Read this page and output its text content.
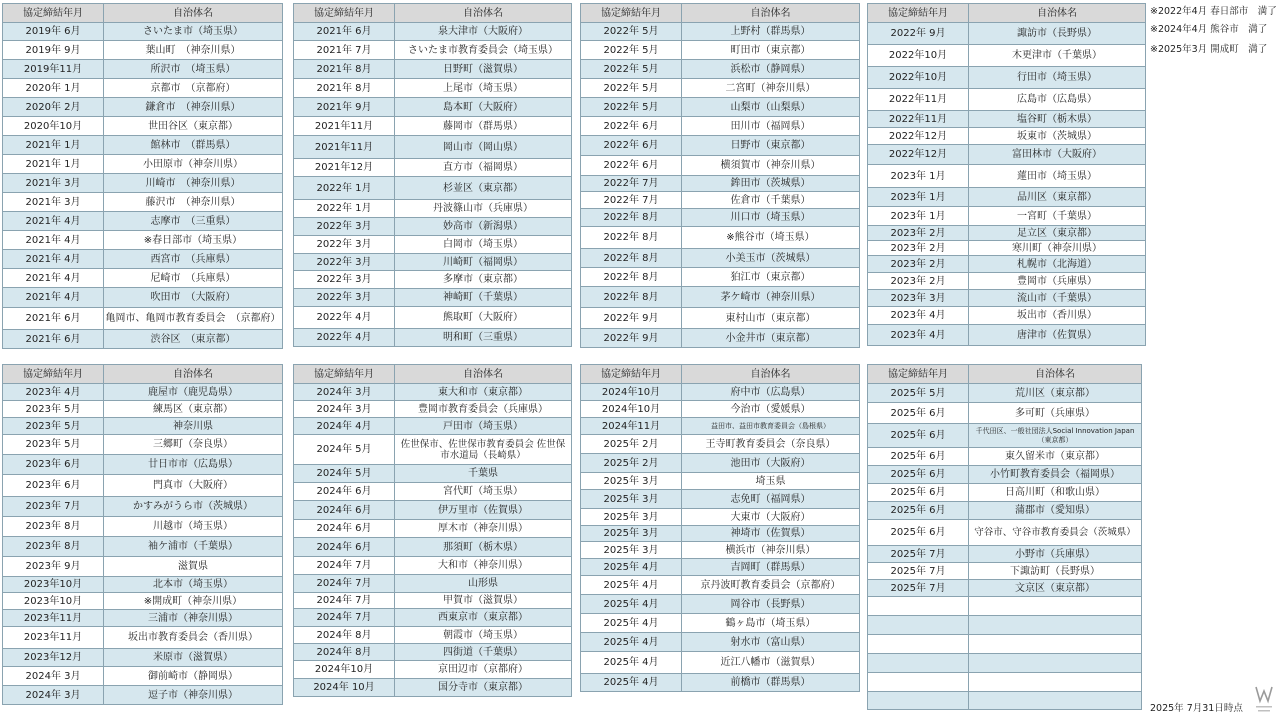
協定締結年月	自治体名
2019年 6月	さいたま市（埼玉県）
2019年 9月	葉山町　（神奈川県）
2019年11月	所沢市　（埼玉県）
2020年 1月	京都市　（京都府）
2020年 2月	鎌倉市　（神奈川県）
2020年10月	世田谷区（東京都）
2021年 1月	館林市　（群馬県）
2021年 1月	小田原市（神奈川県）
2021年 3月	川崎市　（神奈川県）
2021年 3月	藤沢市　（神奈川県）
2021年 4月	志摩市　（三重県）
2021年 4月	※春日部市（埼玉県）
2021年 4月	西宮市　（兵庫県）
2021年 4月	尼崎市　（兵庫県）
2021年 4月	吹田市　（大阪府）
2021年 6月	亀岡市、亀岡市教育委員会　（京都府）
2021年 6月	渋谷区　（東京都）
協定締結年月	自治体名
2021年 6月	泉大津市（大阪府）
2021年 7月	さいたま市教育委員会（埼玉県）
2021年 8月	日野町（滋賀県）
2021年 8月	上尾市（埼玉県）
2021年 9月	島本町（大阪府）
2021年11月	藤岡市（群馬県）
2021年11月	岡山市（岡山県）
2021年12月	直方市（福岡県）
2022年 1月	杉並区（東京都）
2022年 1月	丹波篠山市（兵庫県）
2022年 3月	妙高市（新潟県）
2022年 3月	白岡市（埼玉県）
2022年 3月	川崎町（福岡県）
2022年 3月	多摩市（東京都）
2022年 3月	神崎町（千葉県）
2022年 4月	熊取町（大阪府）
2022年 4月	明和町（三重県）
協定締結年月	自治体名
2022年 5月	上野村（群馬県）
2022年 5月	町田市（東京都）
2022年 5月	浜松市（静岡県）
2022年 5月	二宮町（神奈川県）
2022年 5月	山梨市（山梨県）
2022年 6月	田川市（福岡県）
2022年 6月	日野市（東京都）
2022年 6月	横須賀市（神奈川県）
2022年 7月	鉾田市（茨城県）
2022年 7月	佐倉市（千葉県）
2022年 8月	川口市（埼玉県）
2022年 8月	※熊谷市（埼玉県）
2022年 8月	小美玉市（茨城県）
2022年 8月	狛江市（東京都）
2022年 8月	茅ケ崎市（神奈川県）
2022年 9月	東村山市（東京都）
2022年 9月	小金井市（東京都）
協定締結年月	自治体名
2022年 9月	諏訪市（長野県）
2022年10月	木更津市（千葉県）
2022年10月	行田市（埼玉県）
2022年11月	広島市（広島県）
2022年11月	塩谷町（栃木県）
2022年12月	坂東市（茨城県）
2022年12月	富田林市（大阪府）
2023年 1月	蓮田市（埼玉県）
2023年 1月	品川区（東京都）
2023年 1月	一宮町（千葉県）
2023年 2月	足立区（東京都）
2023年 2月	寒川町（神奈川県）
2023年 2月	札幌市（北海道）
2023年 2月	豊岡市（兵庫県）
2023年 3月	流山市（千葉県）
2023年 4月	坂出市（香川県）
2023年 4月	唐津市（佐賀県）
協定締結年月	自治体名
2023年 4月	鹿屋市（鹿児島県）
2023年 5月	練馬区（東京都）
2023年 5月	神奈川県
2023年 5月	三郷町（奈良県）
2023年 6月	廿日市市（広島県）
2023年 6月	門真市（大阪府）
2023年 7月	かすみがうら市（茨城県）
2023年 8月	川越市（埼玉県）
2023年 8月	袖ケ浦市（千葉県）
2023年 9月	滋賀県
2023年10月	北本市（埼玉県）
2023年10月	※開成町（神奈川県）
2023年11月	三浦市（神奈川県）
2023年11月	坂出市教育委員会（香川県）
2023年12月	米原市（滋賀県）
2024年 3月	御前崎市（静岡県）
2024年 3月	逗子市（神奈川県）
協定締結年月	自治体名
2024年 3月	東大和市（東京都）
2024年 3月	豊岡市教育委員会（兵庫県）
2024年 4月	戸田市（埼玉県）
2024年 5月	佐世保市、佐世保市教育委員会 佐世保市水道局（長崎県）
2024年 5月	千葉県
2024年 6月	宮代町（埼玉県）
2024年 6月	伊万里市（佐賀県）
2024年 6月	厚木市（神奈川県）
2024年 6月	那須町（栃木県）
2024年 7月	大和市（神奈川県）
2024年 7月	山形県
2024年 7月	甲賀市（滋賀県）
2024年 7月	西東京市（東京都）
2024年 8月	朝霞市（埼玉県）
2024年 8月	四街道（千葉県）
2024年10月	京田辺市（京都府）
2024年 10月	国分寺市（東京都）
協定締結年月	自治体名
2024年10月	府中市（広島県）
2024年10月	今治市（愛媛県）
2024年11月	益田市、益田市教育委員会（島根県）
2025年 2月	王寺町教育委員会（奈良県）
2025年 2月	池田市（大阪府）
2025年 3月	埼玉県
2025年 3月	志免町（福岡県）
2025年 3月	大東市（大阪府）
2025年 3月	神埼市（佐賀県）
2025年 3月	横浜市（神奈川県）
2025年 4月	吉岡町（群馬県）
2025年 4月	京丹波町教育委員会（京都府）
2025年 4月	岡谷市（長野県）
2025年 4月	鶴ヶ島市（埼玉県）
2025年 4月	射水市（富山県）
2025年 4月	近江八幡市（滋賀県）
2025年 4月	前橋市（群馬県）
協定締結年月	自治体名
2025年 5月	荒川区（東京都）
2025年 6月	多可町（兵庫県）
2025年 6月	千代田区、一般社団法人Social Innovation Japan（東京都）
2025年 6月	東久留米市（東京都）
2025年 6月	小竹町教育委員会（福岡県）
2025年 6月	日高川町（和歌山県）
2025年 6月	蒲郡市（愛知県）
2025年 6月	守谷市、守谷市教育委員会（茨城県）
2025年 7月	小野市（兵庫県）
2025年 7月	下諏訪町（長野県）
2025年 7月	文京区（東京都）

※2022年4月 春日部市　満了
※2024年4月 熊谷市　満了
※2025年3月 開成町　満了
2025年 7月31日時点
